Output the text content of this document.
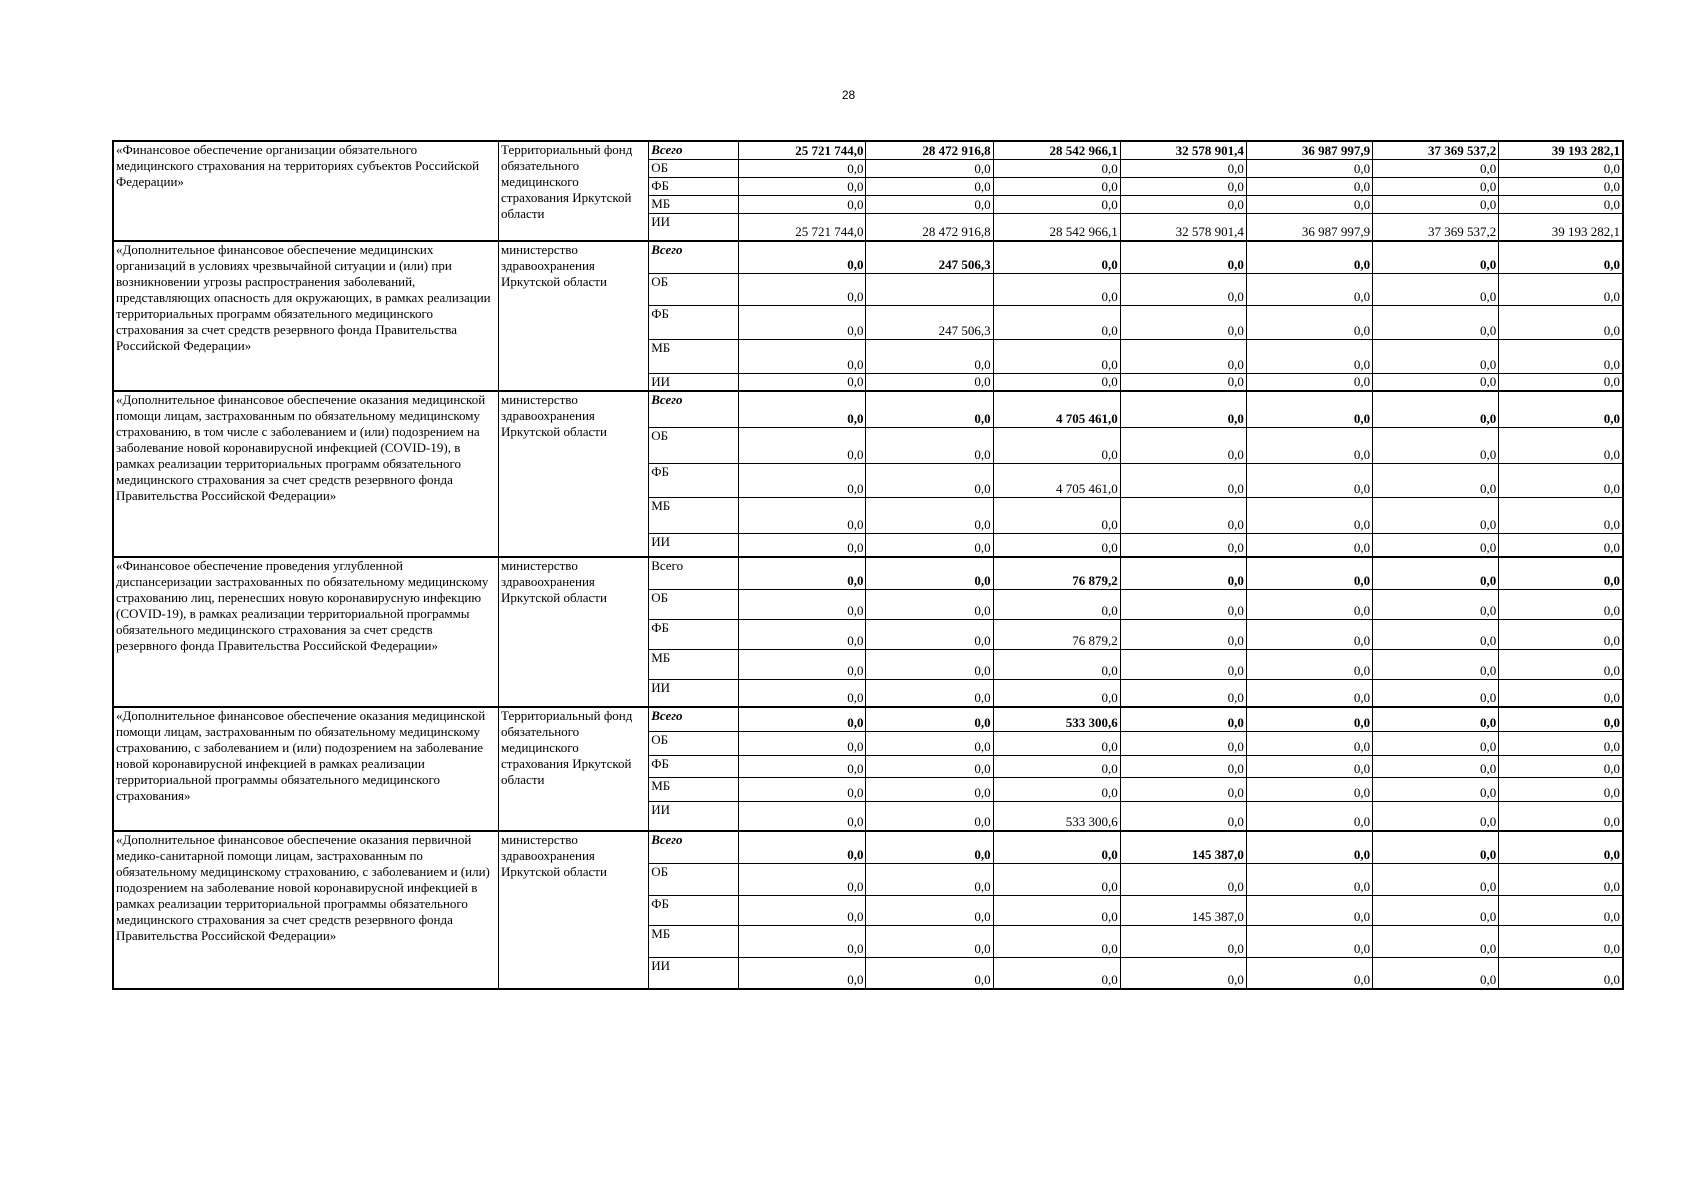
28
«Финансовое обеспечение организации обязательного медицинского страхования на территориях субъектов Российской Федерации»	Территориальный фонд обязательного медицинского страхования Иркутской области	Всего	25 721 744,0	28 472 916,8	28 542 966,1	32 578 901,4	36 987 997,9	37 369 537,2	39 193 282,1
		ОБ	0,0	0,0	0,0	0,0	0,0	0,0	0,0
		ФБ	0,0	0,0	0,0	0,0	0,0	0,0	0,0
		МБ	0,0	0,0	0,0	0,0	0,0	0,0	0,0
		ИИ	25 721 744,0	28 472 916,8	28 542 966,1	32 578 901,4	36 987 997,9	37 369 537,2	39 193 282,1
«Дополнительное финансовое обеспечение медицинских организаций в условиях чрезвычайной ситуации и (или) при возникновении угрозы распространения заболеваний, представляющих опасность для окружающих, в рамках реализации территориальных программ обязательного медицинского страхования за счет средств резервного фонда Правительства Российской Федерации»	министерство здравоохранения Иркутской области	Всего	0,0	247 506,3	0,0	0,0	0,0	0,0	0,0
		ОБ	0,0		0,0	0,0	0,0	0,0	0,0
		ФБ	0,0	247 506,3	0,0	0,0	0,0	0,0	0,0
		МБ	0,0	0,0	0,0	0,0	0,0	0,0	0,0
		ИИ	0,0	0,0	0,0	0,0	0,0	0,0	0,0
«Дополнительное финансовое обеспечение оказания медицинской помощи лицам, застрахованным по обязательному медицинскому страхованию, в том числе с заболеванием и (или) подозрением на заболевание новой коронавирусной инфекцией (COVID-19), в рамках реализации территориальных программ обязательного медицинского страхования за счет средств резервного фонда Правительства Российской Федерации»	министерство здравоохранения Иркутской области	Всего	0,0	0,0	4 705 461,0	0,0	0,0	0,0	0,0
		ОБ	0,0	0,0	0,0	0,0	0,0	0,0	0,0
		ФБ	0,0	0,0	4 705 461,0	0,0	0,0	0,0	0,0
		МБ	0,0	0,0	0,0	0,0	0,0	0,0	0,0
		ИИ	0,0	0,0	0,0	0,0	0,0	0,0	0,0
«Финансовое обеспечение проведения углубленной диспансеризации застрахованных по обязательному медицинскому страхованию лиц, перенесших новую коронавирусную инфекцию (COVID-19), в рамках реализации территориальной программы обязательного медицинского страхования за счет средств резервного фонда Правительства Российской Федерации»	министерство здравоохранения Иркутской области	Всего	0,0	0,0	76 879,2	0,0	0,0	0,0	0,0
		ОБ	0,0	0,0	0,0	0,0	0,0	0,0	0,0
		ФБ	0,0	0,0	76 879,2	0,0	0,0	0,0	0,0
		МБ	0,0	0,0	0,0	0,0	0,0	0,0	0,0
		ИИ	0,0	0,0	0,0	0,0	0,0	0,0	0,0
«Дополнительное финансовое обеспечение оказания медицинской помощи лицам, застрахованным по обязательному медицинскому страхованию, с заболеванием и (или) подозрением на заболевание новой коронавирусной инфекцией в рамках реализации территориальной программы обязательного медицинского страхования»	Территориальный фонд обязательного медицинского страхования Иркутской области	Всего	0,0	0,0	533 300,6	0,0	0,0	0,0	0,0
		ОБ	0,0	0,0	0,0	0,0	0,0	0,0	0,0
		ФБ	0,0	0,0	0,0	0,0	0,0	0,0	0,0
		МБ	0,0	0,0	0,0	0,0	0,0	0,0	0,0
		ИИ	0,0	0,0	533 300,6	0,0	0,0	0,0	0,0
«Дополнительное финансовое обеспечение оказания первичной медико-санитарной помощи лицам, застрахованным по обязательному медицинскому страхованию, с заболеванием и (или) подозрением на заболевание новой коронавирусной инфекцией в рамках реализации территориальной программы обязательного медицинского страхования за счет средств резервного фонда Правительства Российской Федерации»	министерство здравоохранения Иркутской области	Всего	0,0	0,0	0,0	145 387,0	0,0	0,0	0,0
		ОБ	0,0	0,0	0,0	0,0	0,0	0,0	0,0
		ФБ	0,0	0,0	0,0	145 387,0	0,0	0,0	0,0
		МБ	0,0	0,0	0,0	0,0	0,0	0,0	0,0
		ИИ	0,0	0,0	0,0	0,0	0,0	0,0	0,0
